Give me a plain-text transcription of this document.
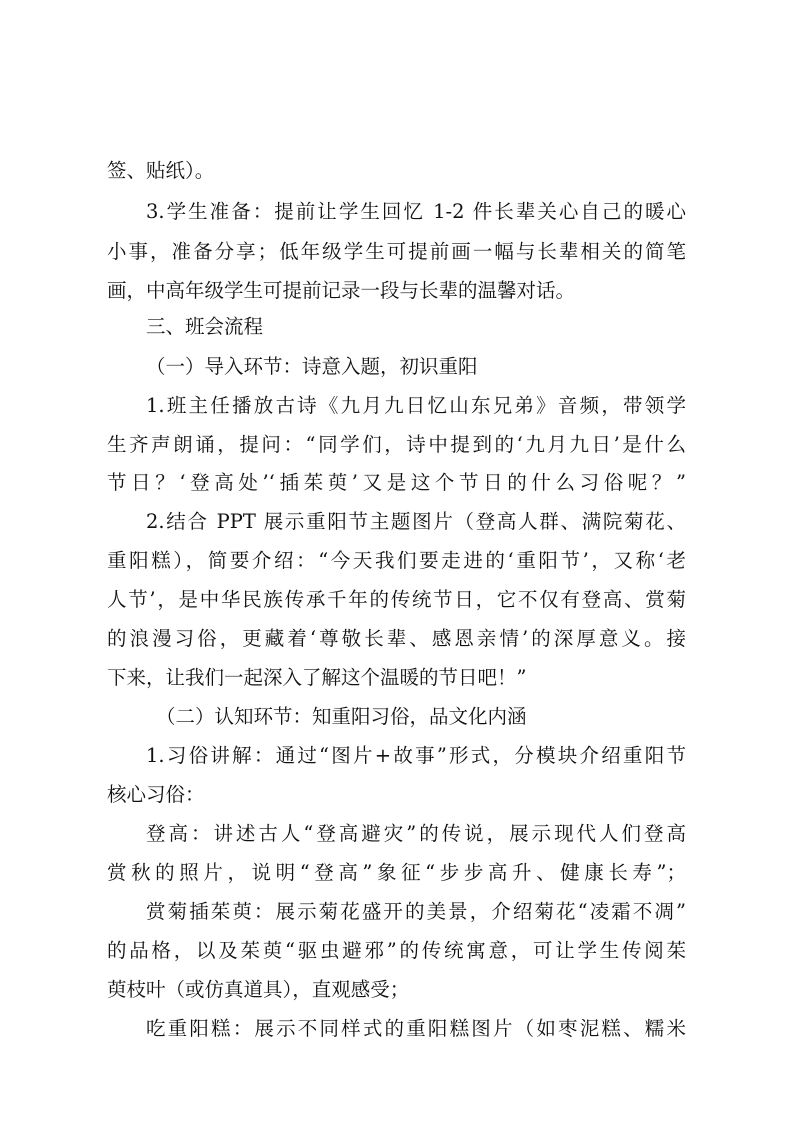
签、贴纸）。
3.学生准备：提前让学生回忆 1-2 件长辈关心自己的暖心
小事，准备分享；低年级学生可提前画一幅与长辈相关的简笔
画，中高年级学生可提前记录一段与长辈的温馨对话。
三、班会流程
（一）导入环节：诗意入题，初识重阳
1.班主任播放古诗《九月九日忆山东兄弟》音频，带领学
生齐声朗诵，提问：“同学们，诗中提到的‘九月九日’是什么
节日？‘登高处’‘插茱萸’又是这个节日的什么习俗呢？”
2.结合 PPT 展示重阳节主题图片（登高人群、满院菊花、
重阳糕），简要介绍：“今天我们要走进的‘重阳节’，又称‘老
人节’，是中华民族传承千年的传统节日，它不仅有登高、赏菊
的浪漫习俗，更藏着‘尊敬长辈、感恩亲情’的深厚意义。接
下来，让我们一起深入了解这个温暖的节日吧！”
（二）认知环节：知重阳习俗，品文化内涵
1.习俗讲解：通过“图片+故事”形式，分模块介绍重阳节
核心习俗：
登高：讲述古人“登高避灾”的传说，展示现代人们登高
赏秋的照片，说明“登高”象征“步步高升、健康长寿”；
赏菊插茱萸：展示菊花盛开的美景，介绍菊花“凌霜不凋”
的品格，以及茱萸“驱虫避邪”的传统寓意，可让学生传阅茱
萸枝叶（或仿真道具），直观感受；
吃重阳糕：展示不同样式的重阳糕图片（如枣泥糕、糯米
